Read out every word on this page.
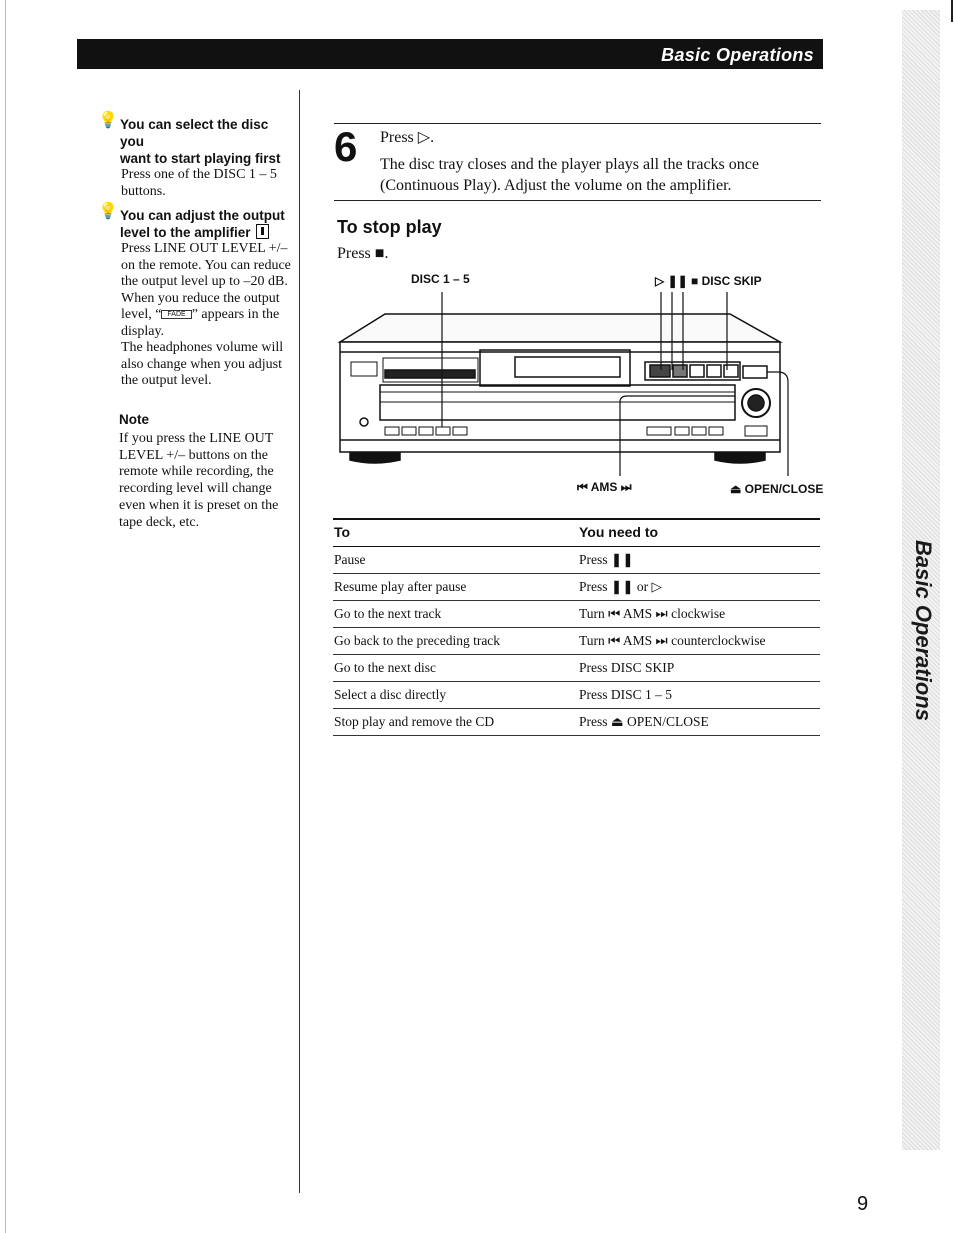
Basic Operations
Basic Operations
💡 You can select the disc you
want to start playing first
Press one of the DISC 1 – 5 buttons.
💡 You can adjust the output
level to the amplifier
Press LINE OUT LEVEL +/– on the remote. You can reduce the output level up to –20 dB.
When you reduce the output level, “ FADE ” appears in the display.
The headphones volume will also change when you adjust the output level.
Note
If you press the LINE OUT LEVEL +/– buttons on the remote while recording, the recording level will change even when it is preset on the tape deck, etc.
6 Press ▷.
The disc tray closes and the player plays all the tracks once (Continuous Play). Adjust the volume on the amplifier.
To stop play
Press ■.
DISC 1 – 5	▷ ❚❚ ■ DISC SKIP
⏮ AMS ⏭	⏏ OPEN/CLOSE
To	You need to
Pause	Press ❚❚
Resume play after pause	Press ❚❚ or ▷
Go to the next track	Turn ⏮ AMS ⏭ clockwise
Go back to the preceding track	Turn ⏮ AMS ⏭ counterclockwise
Go to the next disc	Press DISC SKIP
Select a disc directly	Press DISC 1 – 5
Stop play and remove the CD	Press ⏏ OPEN/CLOSE
9
